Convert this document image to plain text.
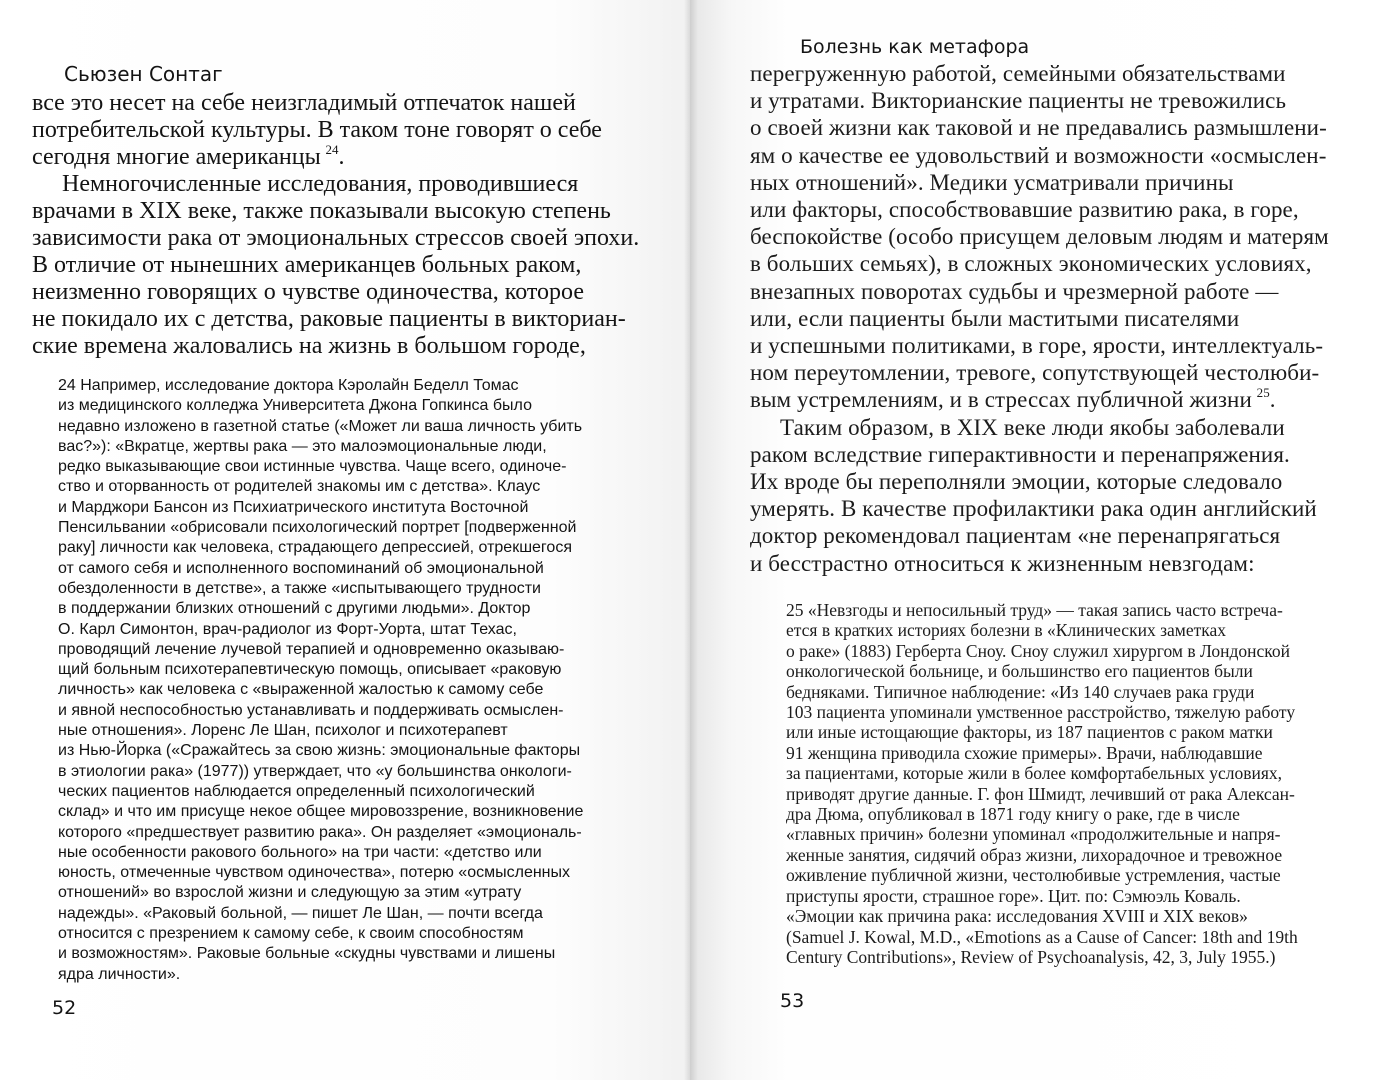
Сьюзен Сонтаг
все это несет на себе неизгладимый отпечаток нашей
потребительской культуры. В таком тоне говорят о себе
сегодня многие американцы  $^{24}$.
Немногочисленные исследования, проводившиеся
врачами в XIX веке, также показывали высокую степень
зависимости рака от эмоциональных стрессов своей эпохи.
В отличие от нынешних американцев больных раком,
неизменно говорящих о чувстве одиночества, которое
не покидало их с детства, раковые пациенты в викториан-
ские времена жаловались на жизнь в большом городе,
24 Например, исследование доктора Кэролайн Беделл Томас
из медицинского колледжа Университета Джона Гопкинса было
недавно изложено в газетной статье («Может ли ваша личность убить
вас?»): «Вкратце, жертвы рака — это малоэмоциональные люди,
редко выказывающие свои истинные чувства. Чаще всего, одиноче-
ство и оторванность от родителей знакомы им с детства». Клаус
и Марджори Бансон из Психиатрического института Восточной
Пенсильвании «обрисовали психологический портрет [подверженной
раку] личности как человека, страдающего депрессией, отрекшегося
от самого себя и исполненного воспоминаний об эмоциональной
обездоленности в детстве», а также «испытывающего трудности
в поддержании близких отношений с другими людьми». Доктор
О. Карл Симонтон, врач-радиолог из Форт-Уорта, штат Техас,
проводящий лечение лучевой терапией и одновременно оказываю-
щий больным психотерапевтическую помощь, описывает «раковую
личность» как человека с «выраженной жалостью к самому себе
и явной неспособностью устанавливать и поддерживать осмыслен-
ные отношения». Лоренс Ле Шан, психолог и психотерапевт
из Нью-Йорка («Сражайтесь за свою жизнь: эмоциональные факторы
в этиологии рака» (1977)) утверждает, что «у большинства онкологи-
ческих пациентов наблюдается определенный психологический
склад» и что им присуще некое общее мировоззрение, возникновение
которого «предшествует развитию рака». Он разделяет «эмоциональ-
ные особенности ракового больного» на три части: «детство или
юность, отмеченные чувством одиночества», потерю «осмысленных
отношений» во взрослой жизни и следующую за этим «утрату
надежды». «Раковый больной, — пишет Ле Шан, — почти всегда
относится с презрением к самому себе, к своим способностям
и возможностям». Раковые больные «скудны чувствами и лишены
ядра личности».
52
Болезнь как метафора
перегруженную работой, семейными обязательствами
и утратами. Викторианские пациенты не тревожились
о своей жизни как таковой и не предавались размышлени-
ям о качестве ее удовольствий и возможности «осмыслен-
ных отношений». Медики усматривали причины
или факторы, способствовавшие развитию рака, в горе,
беспокойстве (особо присущем деловым людям и матерям
в больших семьях), в сложных экономических условиях,
внезапных поворотах судьбы и чрезмерной работе —
или, если пациенты были маститыми писателями
и успешными политиками, в горе, ярости, интеллектуаль-
ном переутомлении, тревоге, сопутствующей честолюби-
вым устремлениям, и в стрессах публичной жизни  $^{25}$.
Таким образом, в XIX веке люди якобы заболевали
раком вследствие гиперактивности и перенапряжения.
Их вроде бы переполняли эмоции, которые следовало
умерять. В качестве профилактики рака один английский
доктор рекомендовал пациентам «не перенапрягаться
и бесстрастно относиться к жизненным невзгодам:
25 «Невзгоды и непосильный труд» — такая запись часто встреча-
ется в кратких историях болезни в «Клинических заметках
о раке» (1883) Герберта Сноу. Сноу служил хирургом в Лондонской
онкологической больнице, и большинство его пациентов были
бедняками. Типичное наблюдение: «Из 140 случаев рака груди
103 пациента упоминали умственное расстройство, тяжелую работу
или иные истощающие факторы, из 187 пациентов с раком матки
91 женщина приводила схожие примеры». Врачи, наблюдавшие
за пациентами, которые жили в более комфортабельных условиях,
приводят другие данные. Г. фон Шмидт, лечивший от рака Алексан-
дра Дюма, опубликовал в 1871 году книгу о раке, где в числе
«главных причин» болезни упоминал «продолжительные и напря-
женные занятия, сидячий образ жизни, лихорадочное и тревожное
оживление публичной жизни, честолюбивые устремления, частые
приступы ярости, страшное горе». Цит. по: Сэмюэль Коваль.
«Эмоции как причина рака: исследования XVIII и XIX веков»
(Samuel J. Kowal, M.D., «Emotions as a Cause of Cancer: 18th and 19th
Century Contributions», Review of Psychoanalysis, 42, 3, July 1955.)
53
